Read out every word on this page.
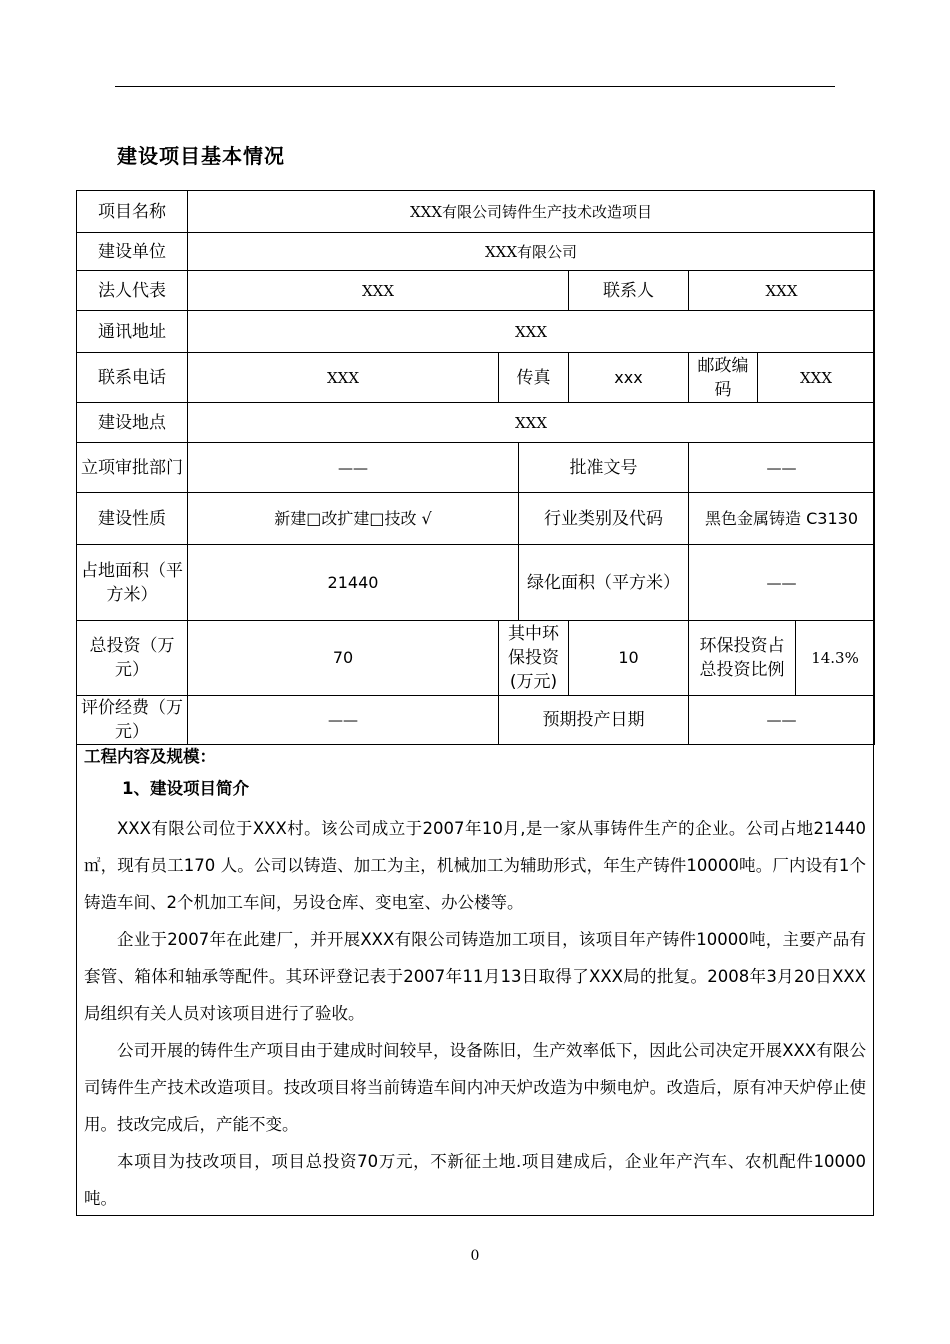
建设项目基本情况
项目名称	XXX有限公司铸件生产技术改造项目						
建设单位	XXX有限公司						
法人代表	XXX			联系人	XXX		
通讯地址	XXX						
联系电话	XXX	传真		xxx	邮政编码	XXX	
建设地点	XXX						
立项审批部门	——		批准文号		——		
建设性质	新建□改扩建□技改 √		行业类别及代码		黑色金属铸造 C3130		
占地面积（平方米）	21440		绿化面积（平方米）		——		
总投资（万元）	70	其中环保投资(万元)		10	环保投资占总投资比例		14.3%
评价经费（万元）	——	预期投产日期			——		
工程内容及规模：
1、建设项目简介

XXX有限公司位于XXX村。该公司成立于2007年10月,是一家从事铸件生产的企业。公司占地21440㎡，现有员工170 人。公司以铸造、加工为主，机械加工为辅助形式，年生产铸件10000吨。厂内设有1个铸造车间、2个机加工车间，另设仓库、变电室、办公楼等。

企业于2007年在此建厂，并开展XXX有限公司铸造加工项目，该项目年产铸件10000吨，主要产品有套管、箱体和轴承等配件。其环评登记表于2007年11月13日取得了XXX局的批复。2008年3月20日XXX局组织有关人员对该项目进行了验收。

公司开展的铸件生产项目由于建成时间较早，设备陈旧，生产效率低下，因此公司决定开展XXX有限公司铸件生产技术改造项目。技改项目将当前铸造车间内冲天炉改造为中频电炉。改造后，原有冲天炉停止使用。技改完成后，产能不变。

本项目为技改项目，项目总投资70万元，不新征土地.项目建成后，企业年产汽车、农机配件10000吨。

0
